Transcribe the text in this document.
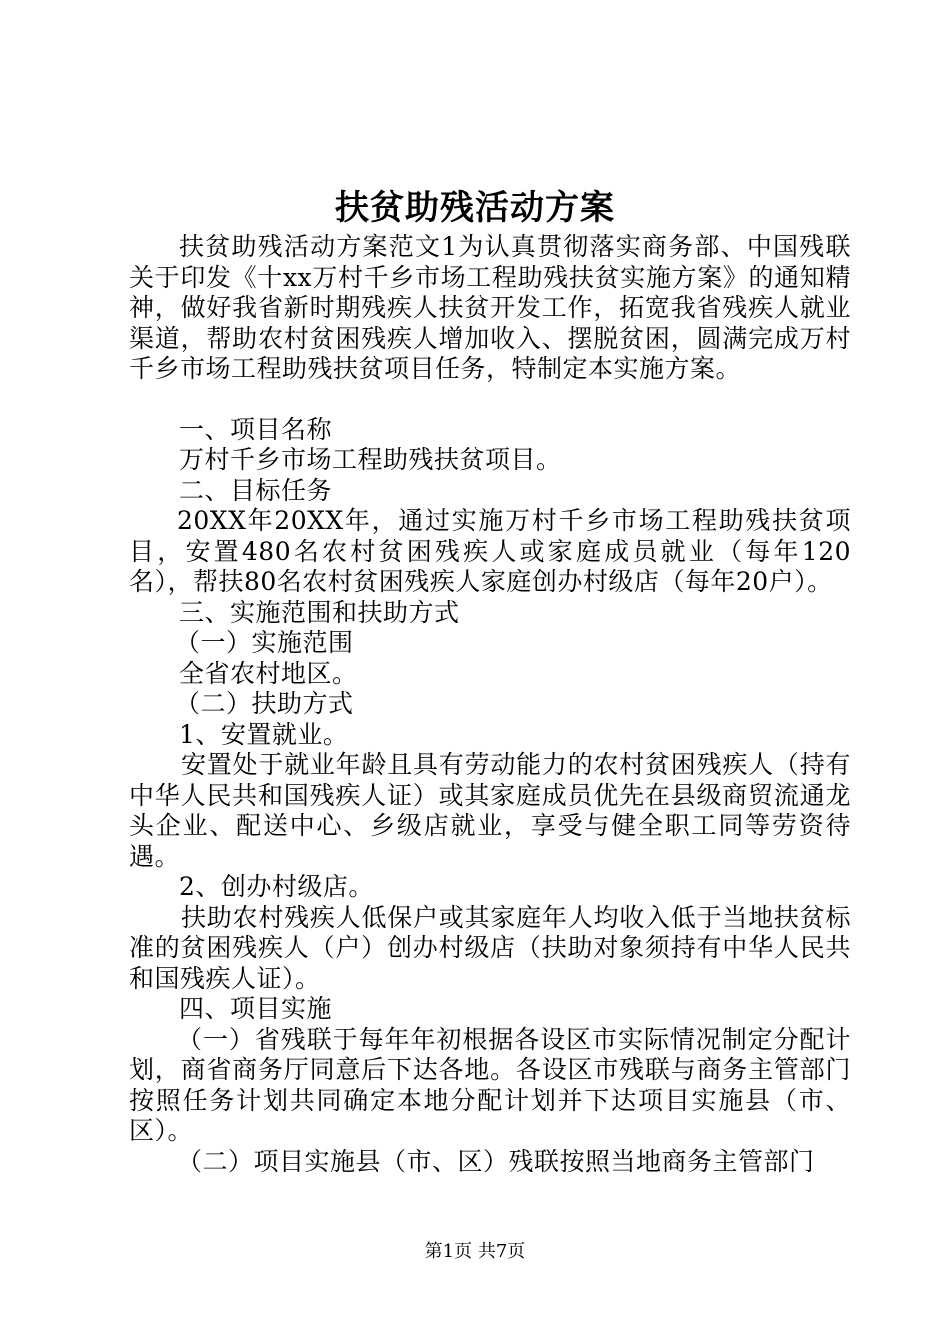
扶贫助残活动方案

扶贫助残活动方案范文1为认真贯彻落实商务部、中国残联关于印发《十xx万村千乡市场工程助残扶贫实施方案》的通知精神，做好我省新时期残疾人扶贫开发工作，拓宽我省残疾人就业渠道，帮助农村贫困残疾人增加收入、摆脱贫困，圆满完成万村千乡市场工程助残扶贫项目任务，特制定本实施方案。

一、项目名称

万村千乡市场工程助残扶贫项目。

二、目标任务

20XX年20XX年，通过实施万村千乡市场工程助残扶贫项目，安置480名农村贫困残疾人或家庭成员就业（每年120名），帮扶80名农村贫困残疾人家庭创办村级店（每年20户）。

三、实施范围和扶助方式

（一）实施范围

全省农村地区。

（二）扶助方式

1、安置就业。

安置处于就业年龄且具有劳动能力的农村贫困残疾人（持有中华人民共和国残疾人证）或其家庭成员优先在县级商贸流通龙头企业、配送中心、乡级店就业，享受与健全职工同等劳资待遇。

2、创办村级店。

扶助农村残疾人低保户或其家庭年人均收入低于当地扶贫标准的贫困残疾人（户）创办村级店（扶助对象须持有中华人民共和国残疾人证）。

四、项目实施

（一）省残联于每年年初根据各设区市实际情况制定分配计划，商省商务厅同意后下达各地。各设区市残联与商务主管部门按照任务计划共同确定本地分配计划并下达项目实施县（市、区）。

（二）项目实施县（市、区）残联按照当地商务主管部门

第1页 共7页
